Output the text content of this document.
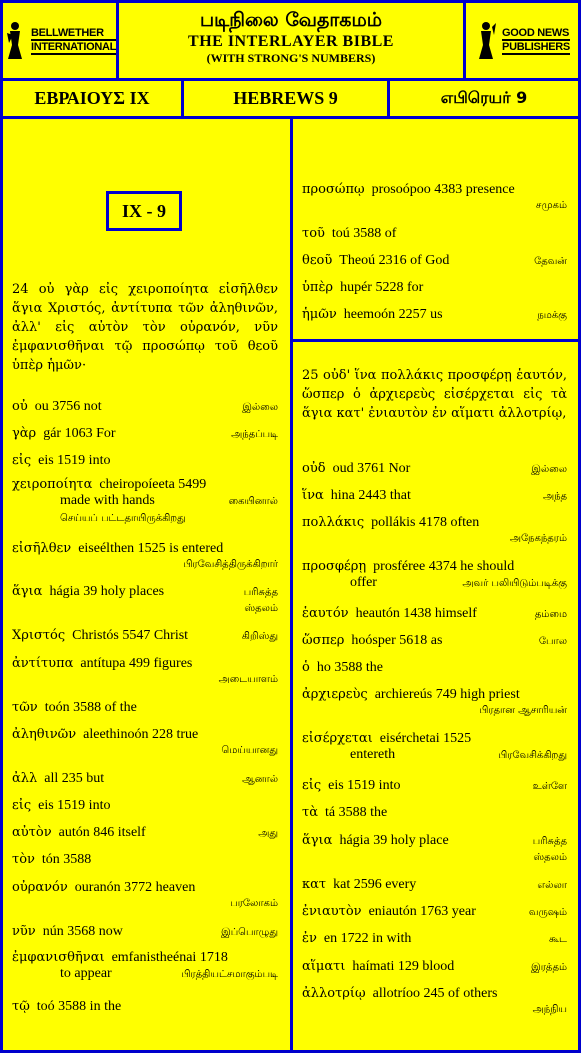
BELLWETHER
INTERNATIONAL
படிநிலை வேதாகமம்
THE INTERLAYER BIBLE
(WITH STRONG'S NUMBERS)
GOOD NEWS
PUBLISHERS
ΕΒΡΑΙΟΥΣ IX	HEBREWS 9	எபிரெயர் 9
IX - 9
24 οὐ γὰρ εἰς χειροποίητα εἰσῆλθεν ἅγια Χριστός, ἀντίτυπα τῶν ἀληθινῶν, ἀλλ' εἰς αὐτὸν τὸν οὐρανόν, νῦν ἐμφανισθῆναι τῷ προσώπῳ τοῦ θεοῦ ὑπὲρ ἡμῶν·
25 οὐδ' ἵνα πολλάκις προσφέρῃ ἑαυτόν, ὥσπερ ὁ ἀρχιερεὺς εἰσέρχεται εἰς τὰ ἅγια κατ' ἐνιαυτὸν ἐν αἵματι ἀλλοτρίῳ,
οὐ ou 3756 not	இல்லை
γὰρ gár 1063 For	அந்தப்படி
εἰς eis 1519 into
χειροποίητα cheiropoíeeta 5499
made with hands	கையினால்
செய்யப் பட்டதாயிருக்கிறது
εἰσῆλθεν eiseélthen 1525 is entered
பிரவேசித்திருக்கிறார்
ἅγια hágia 39 holy places	பரிசுத்த
ஸ்தலம்
Χριστός Christós 5547 Christ	கிறிஸ்து
ἀντίτυπα antítupa 499 figures
அடையாளம்
τῶν toón 3588 of the
ἀληθινῶν aleethinoón 228 true
மெய்யானது
ἀλλ all 235 but	ஆனால்
εἰς eis 1519 into
αὐτὸν autón 846 itself	அது
τὸν tón 3588
οὐρανόν ouranón 3772 heaven
பரலோகம்
νῦν nún 3568 now	இப்பொழுது
ἐμφανισθῆναι emfanistheénai 1718
to appear	பிரத்தியட்சமாகும்படி
τῷ toó 3588 in the
προσώπῳ prosoópoo 4383 presence
சமுகம்
τοῦ toú 3588 of
θεοῦ Theoú 2316 of God	தேவன்
ὑπὲρ hupér 5228 for
ἡμῶν heemoón 2257 us	நமக்கு
οὐδ oud 3761 Nor	இல்லை
ἵνα hina 2443 that	அந்த
πολλάκις pollákis 4178 often
அநேகந்தரம்
προσφέρῃ prosféree 4374 he should
offer	அவர் பலியிடும்படிக்கு
ἑαυτόν heautón 1438 himself	தம்மை
ὥσπερ hoósper 5618 as	போல
ὁ ho 3588 the
ἀρχιερεὺς archiereús 749 high priest
பிரதான ஆசாரியன்
εἰσέρχεται eisérchetai 1525
entereth	பிரவேசிக்கிறது
εἰς eis 1519 into	உள்ளே
τὰ tá 3588 the
ἅγια hágia 39 holy place	பரிசுத்த
ஸ்தலம்
κατ kat 2596 every	எல்லா
ἐνιαυτὸν eniautón 1763 year	வருஷம்
ἐν en 1722 in with	கூட
αἵματι haímati 129 blood	இரத்தம்
ἀλλοτρίῳ allotríoo 245 of others
அந்நிய
